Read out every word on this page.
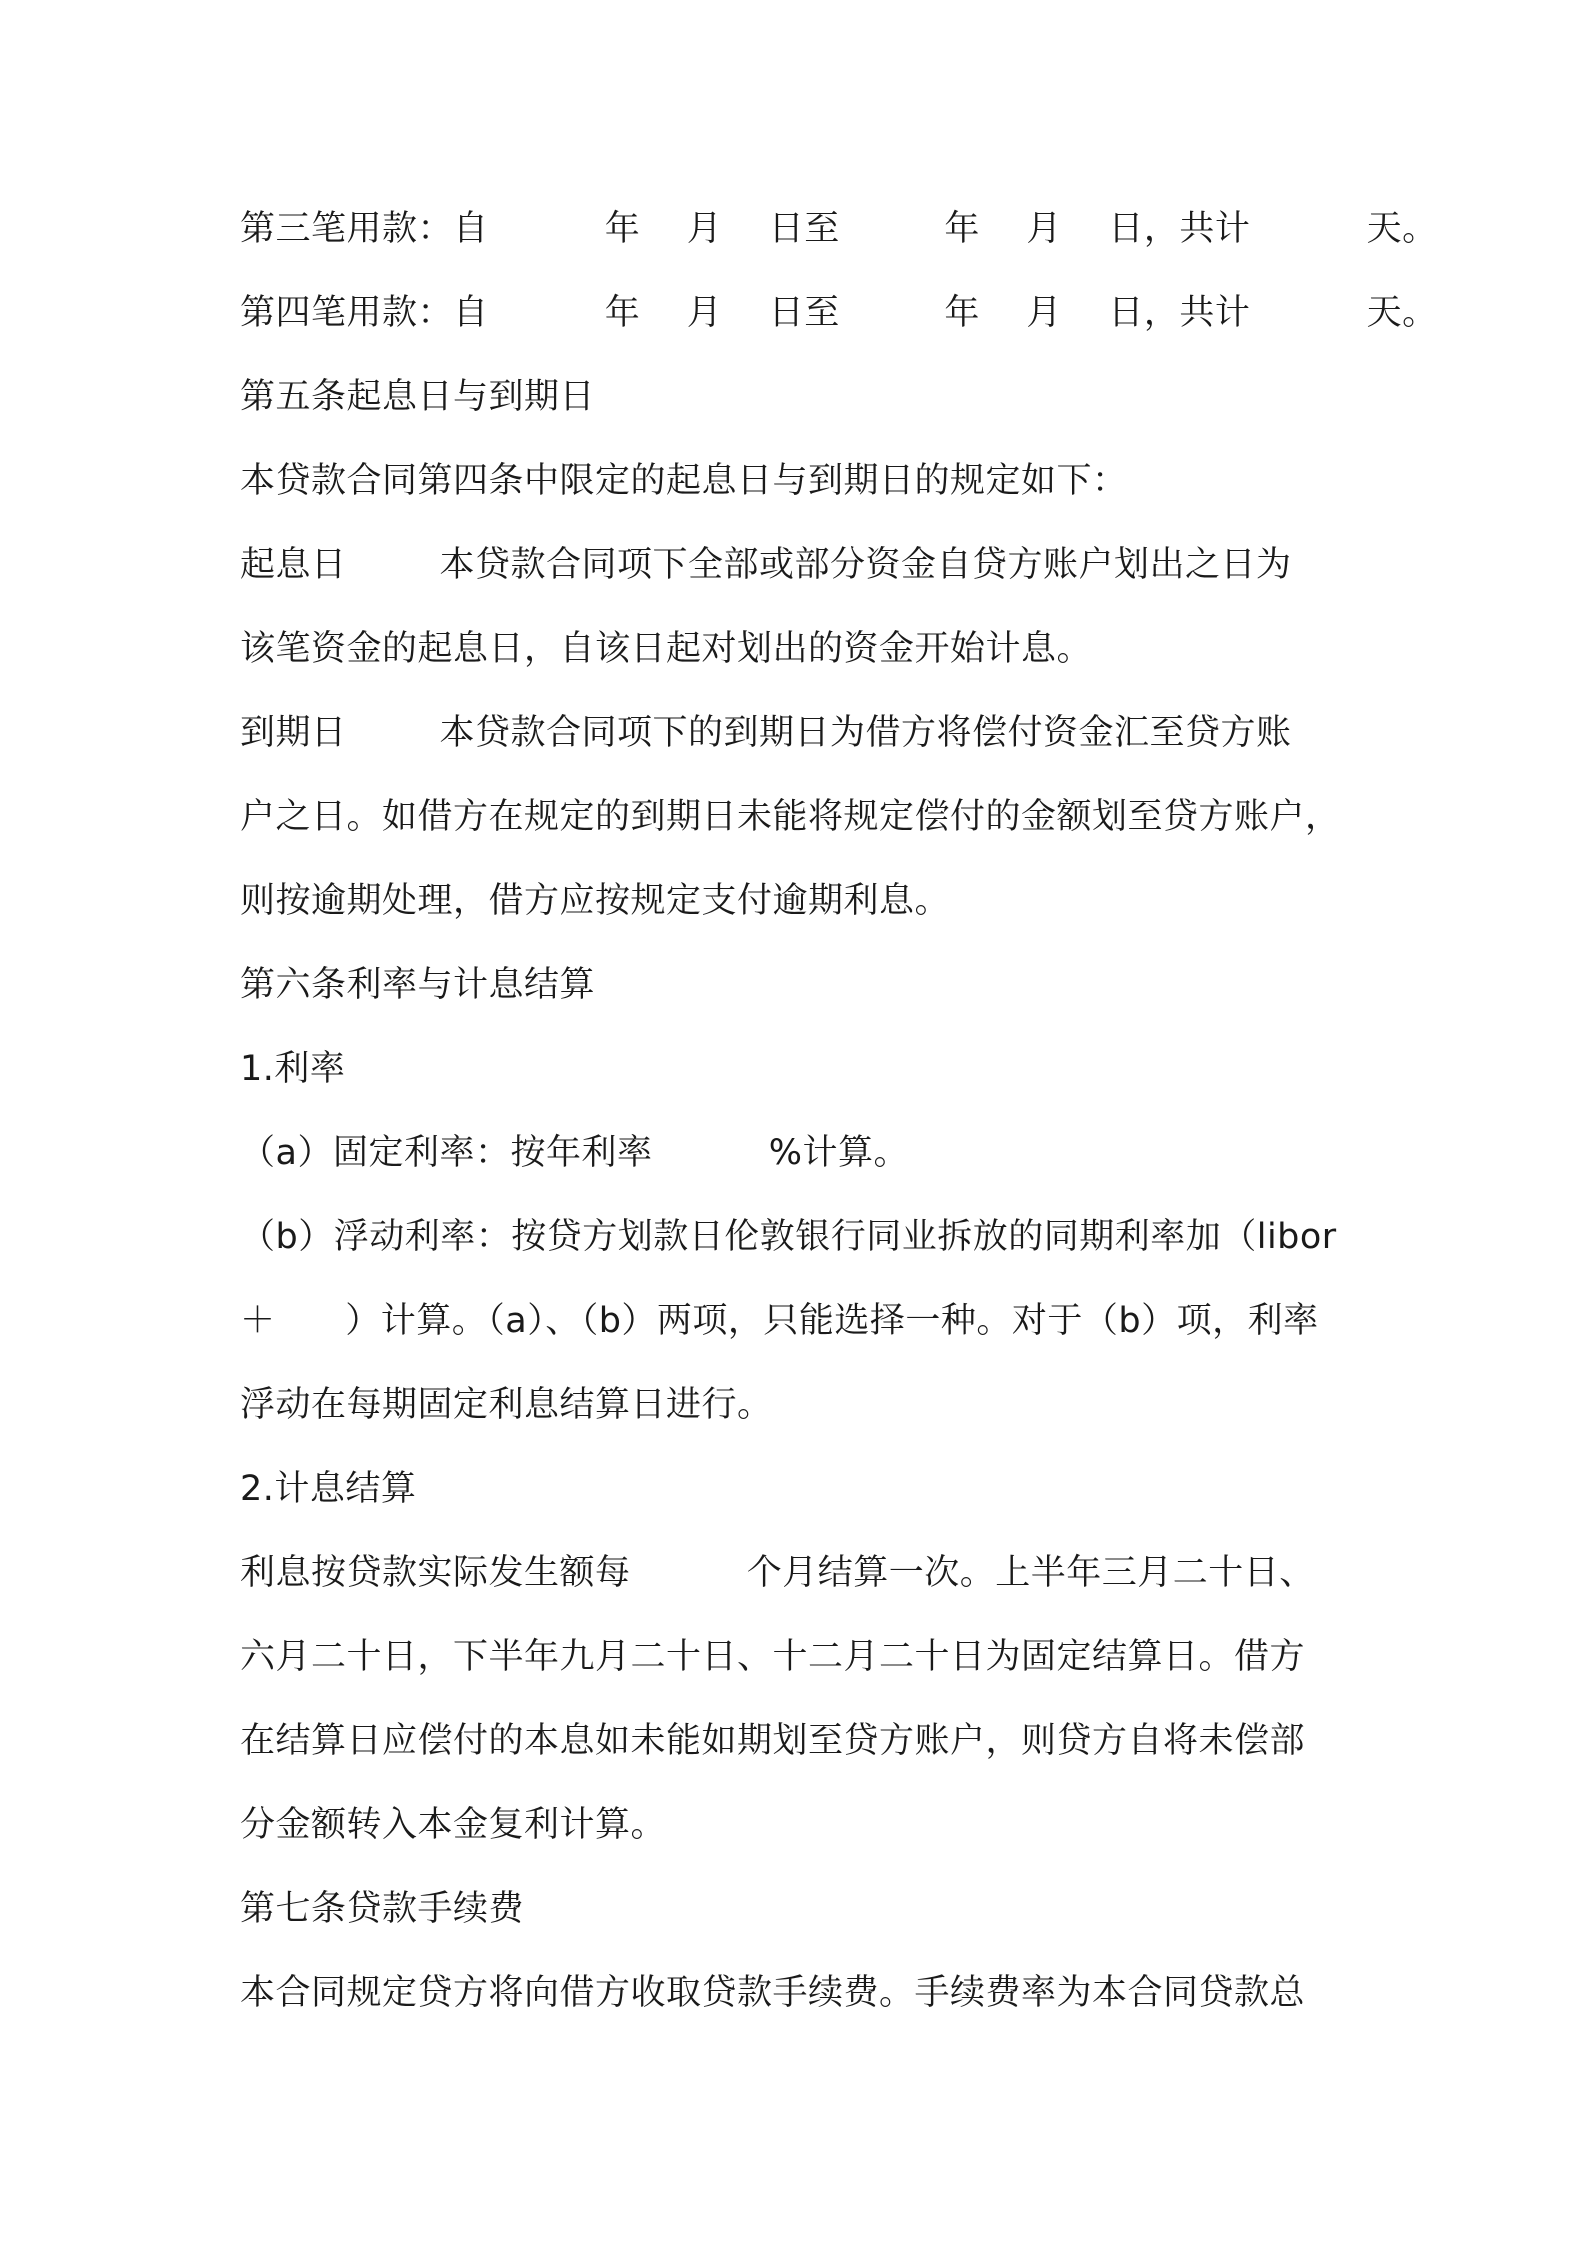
第三笔用款：自          年    月    日至         年    月    日，共计          天。
第四笔用款：自          年    月    日至         年    月    日，共计          天。
第五条起息日与到期日
本贷款合同第四条中限定的起息日与到期日的规定如下：
起息日        本贷款合同项下全部或部分资金自贷方账户划出之日为
该笔资金的起息日，自该日起对划出的资金开始计息。
到期日        本贷款合同项下的到期日为借方将偿付资金汇至贷方账
户之日。如借方在规定的到期日未能将规定偿付的金额划至贷方账户，
则按逾期处理，借方应按规定支付逾期利息。
第六条利率与计息结算
1.利率
（a）固定利率：按年利率          %计算。
（b）浮动利率：按贷方划款日伦敦银行同业拆放的同期利率加（libor
＋      ）计算。（a）、（b）两项，只能选择一种。对于（b）项，利率
浮动在每期固定利息结算日进行。
2.计息结算
利息按贷款实际发生额每          个月结算一次。上半年三月二十日、
六月二十日，下半年九月二十日、十二月二十日为固定结算日。借方
在结算日应偿付的本息如未能如期划至贷方账户，则贷方自将未偿部
分金额转入本金复利计算。
第七条贷款手续费
本合同规定贷方将向借方收取贷款手续费。手续费率为本合同贷款总
